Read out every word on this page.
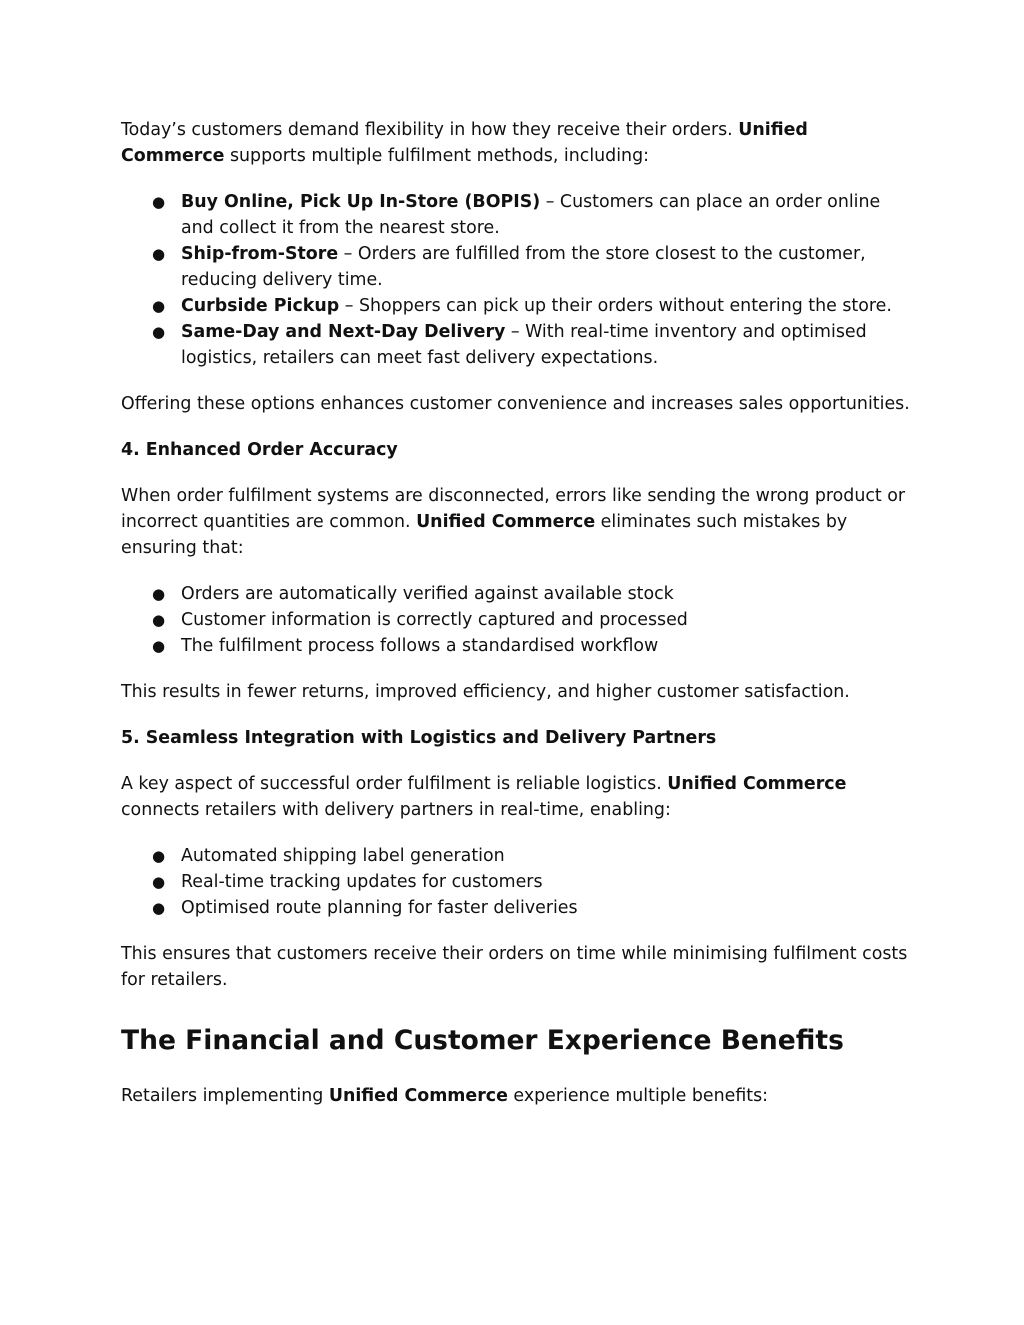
Today’s customers demand flexibility in how they receive their orders. Unified Commerce supports multiple fulfilment methods, including:

● Buy Online, Pick Up In-Store (BOPIS) – Customers can place an order online and collect it from the nearest store.
● Ship-from-Store – Orders are fulfilled from the store closest to the customer, reducing delivery time.
● Curbside Pickup – Shoppers can pick up their orders without entering the store.
● Same-Day and Next-Day Delivery – With real-time inventory and optimised logistics, retailers can meet fast delivery expectations.

Offering these options enhances customer convenience and increases sales opportunities.

4. Enhanced Order Accuracy

When order fulfilment systems are disconnected, errors like sending the wrong product or incorrect quantities are common. Unified Commerce eliminates such mistakes by ensuring that:

● Orders are automatically verified against available stock
● Customer information is correctly captured and processed
● The fulfilment process follows a standardised workflow

This results in fewer returns, improved efficiency, and higher customer satisfaction.

5. Seamless Integration with Logistics and Delivery Partners

A key aspect of successful order fulfilment is reliable logistics. Unified Commerce connects retailers with delivery partners in real-time, enabling:

● Automated shipping label generation
● Real-time tracking updates for customers
● Optimised route planning for faster deliveries

This ensures that customers receive their orders on time while minimising fulfilment costs for retailers.

The Financial and Customer Experience Benefits

Retailers implementing Unified Commerce experience multiple benefits:
